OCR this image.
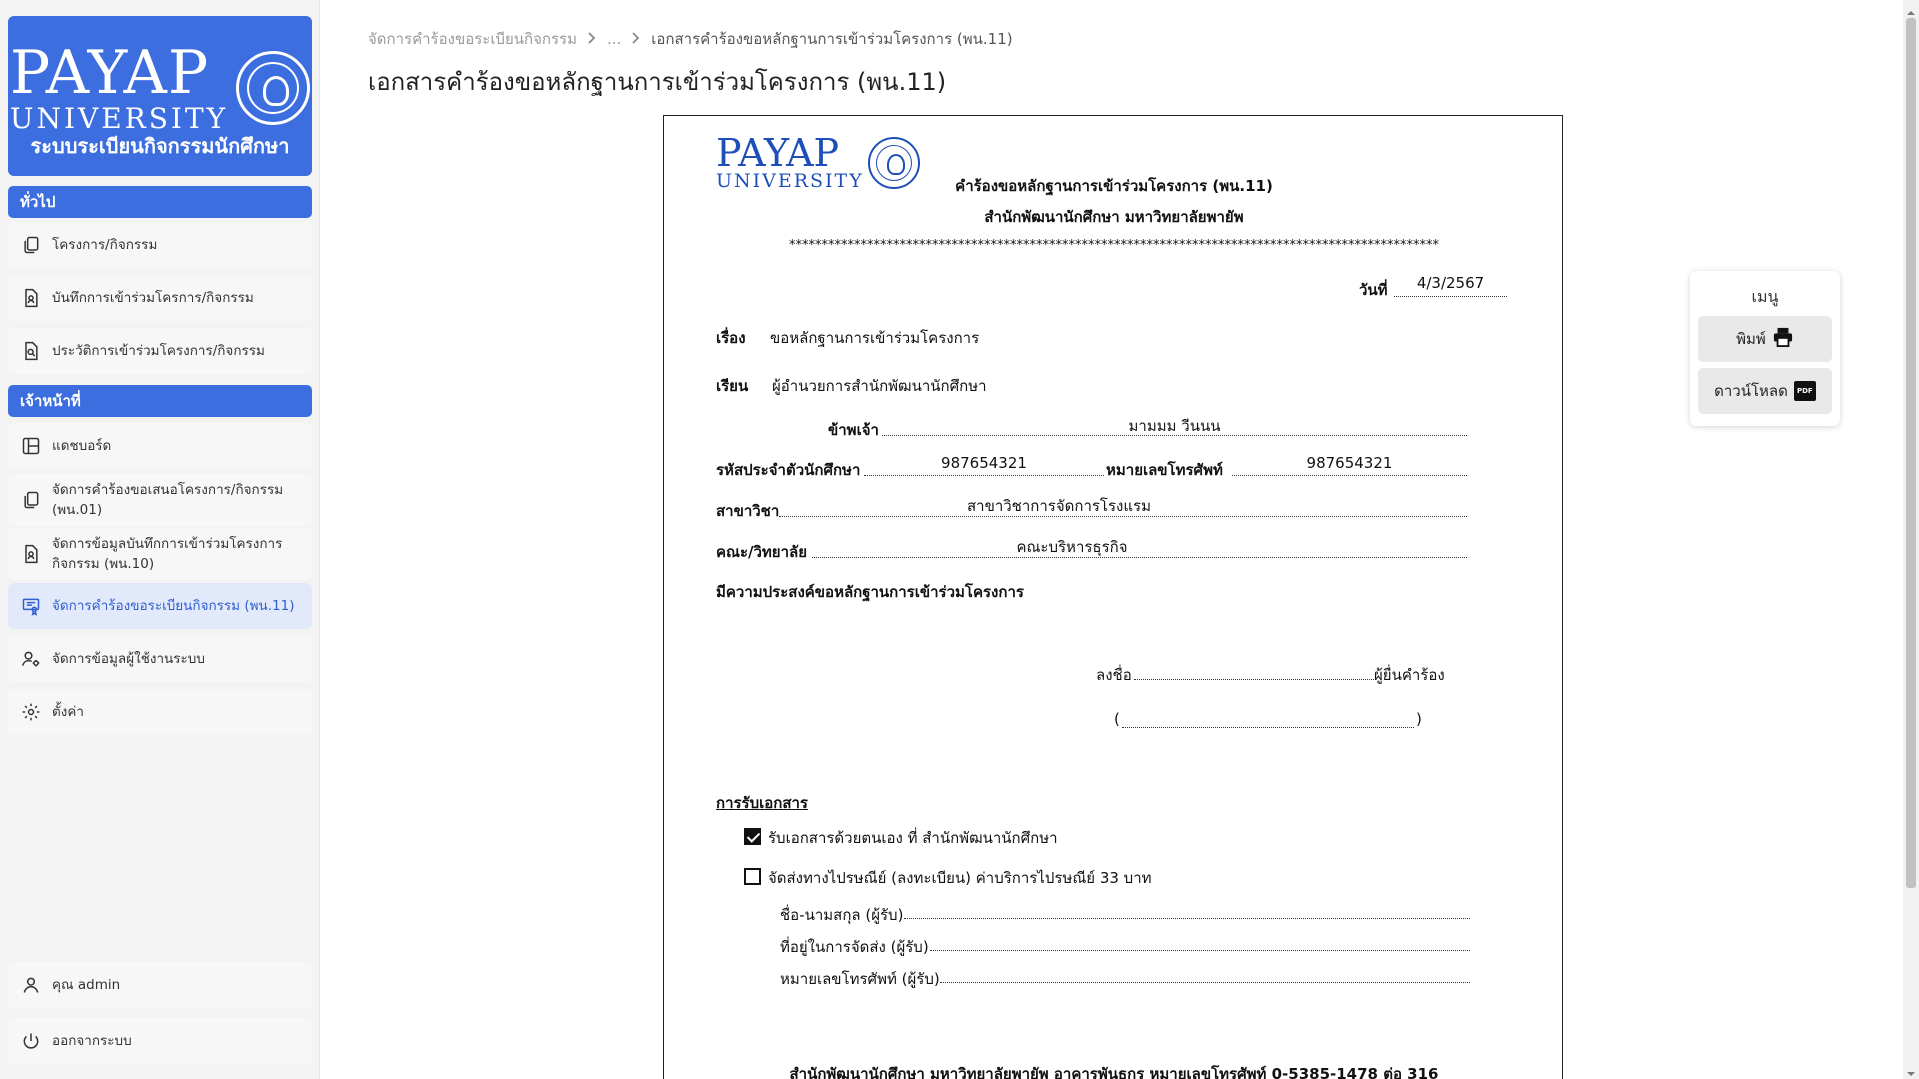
PAYAP
UNIVERSITY
ระบบระเบียนกิจกรรมนักศึกษา
ทั่วไป
โครงการ/กิจกรรม
บันทึกการเข้าร่วมโครการ/กิจกรรม
ประวัติการเข้าร่วมโครงการ/กิจกรรม
เจ้าหน้าที่
แดชบอร์ด
จัดการคำร้องขอเสนอโครงการ/กิจกรรม (พน.01)
จัดการข้อมูลบันทึกการเข้าร่วมโครงการกิจกรรม (พน.10)
จัดการคำร้องขอระเบียนกิจกรรม (พน.11)
จัดการข้อมูลผู้ใช้งานระบบ
ตั้งค่า
คุณ admin
ออกจากระบบ
จัดการคำร้องขอระเบียนกิจกรรม ... เอกสารคำร้องขอหลักฐานการเข้าร่วมโครงการ (พน.11)
เอกสารคำร้องขอหลักฐานการเข้าร่วมโครงการ (พน.11)
PAYAP
UNIVERSITY	คำร้องขอหลักฐานการเข้าร่วมโครงการ (พน.11)
สำนักพัฒนานักศึกษา มหาวิทยาลัยพายัพ
****************************************************************************************************
วันที่	4/3/2567
เรื่อง ขอหลักฐานการเข้าร่วมโครงการ
เรียน ผู้อำนวยการสำนักพัฒนานักศึกษา
ข้าพเจ้า	มามมม วีนนน
รหัสประจำตัวนักศึกษา	987654321	หมายเลขโทรศัพท์	987654321
สาขาวิชา	สาขาวิชาการจัดการโรงแรม
คณะ/วิทยาลัย	คณะบริหารธุรกิจ
มีความประสงค์ขอหลักฐานการเข้าร่วมโครงการ
ลงชื่อ	ผู้ยื่นคำร้อง
(	)
การรับเอกสาร
รับเอกสารด้วยตนเอง ที่ สำนักพัฒนานักศึกษา
จัดส่งทางไปรษณีย์ (ลงทะเบียน) ค่าบริการไปรษณีย์ 33 บาท
ชื่อ-นามสกุล (ผู้รับ)
ที่อยู่ในการจัดส่ง (ผู้รับ)
หมายเลขโทรศัพท์ (ผู้รับ)
สำนักพัฒนานักศึกษา มหาวิทยาลัยพายัพ อาคารพันธกร หมายเลขโทรศัพท์ 0-5385-1478 ต่อ 316
เมนู
พิมพ์
ดาวน์โหลด	PDF
